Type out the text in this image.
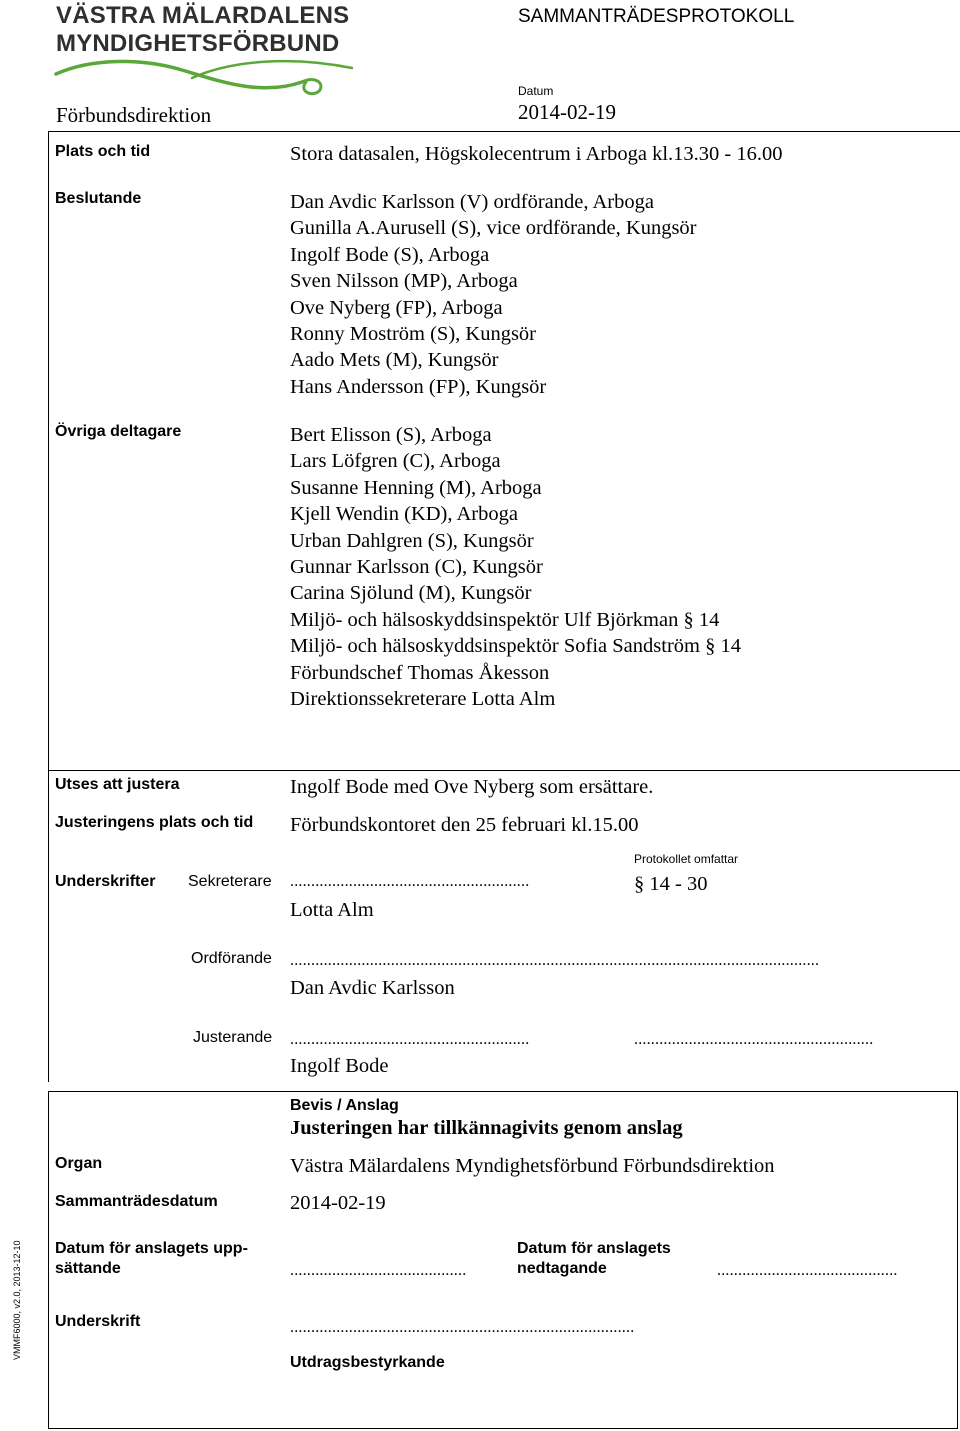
VÄSTRA MÄLARDALENS
MYNDIGHETSFÖRBUND
SAMMANTRÄDESPROTOKOLL
Förbundsdirektion
Datum
2014-02-19
Plats och tid	Stora datasalen, Högskolecentrum i Arboga kl.13.30 - 16.00
Beslutande	Dan Avdic Karlsson (V) ordförande, Arboga
Gunilla A.Aurusell (S), vice ordförande, Kungsör
Ingolf Bode (S), Arboga
Sven Nilsson (MP), Arboga
Ove Nyberg (FP), Arboga
Ronny Moström (S), Kungsör
Aado Mets (M), Kungsör
Hans Andersson (FP), Kungsör
Övriga deltagare	Bert Elisson (S), Arboga
Lars Löfgren (C), Arboga
Susanne Henning (M), Arboga
Kjell Wendin (KD), Arboga
Urban Dahlgren (S), Kungsör
Gunnar Karlsson (C), Kungsör
Carina Sjölund (M), Kungsör
Miljö- och hälsoskyddsinspektör Ulf Björkman § 14
Miljö- och hälsoskyddsinspektör Sofia Sandström § 14
Förbundschef Thomas Åkesson
Direktionssekreterare Lotta Alm
Utses att justera	Ingolf Bode med Ove Nyberg som ersättare.
Justeringens plats och tid Förbundskontoret den 25 februari kl.15.00
Protokollet omfattar
§ 14 - 30
Underskrifter Sekreterare .........................................................
Lotta Alm
Ordförande ..............................................................................................................................
Dan Avdic Karlsson
Justerande .........................................................	.........................................................
Ingolf Bode
Bevis / Anslag
Justeringen har tillkännagivits genom anslag
Organ	Västra Mälardalens Myndighetsförbund Förbundsdirektion
Sammanträdesdatum	2014-02-19
Datum för anslagets upp-
sättande	..........................................
Datum för anslagets
nedtagande	...........................................
Underskrift	..................................................................................
Utdragsbestyrkande
VMMF6000, v2.0, 2013-12-10
